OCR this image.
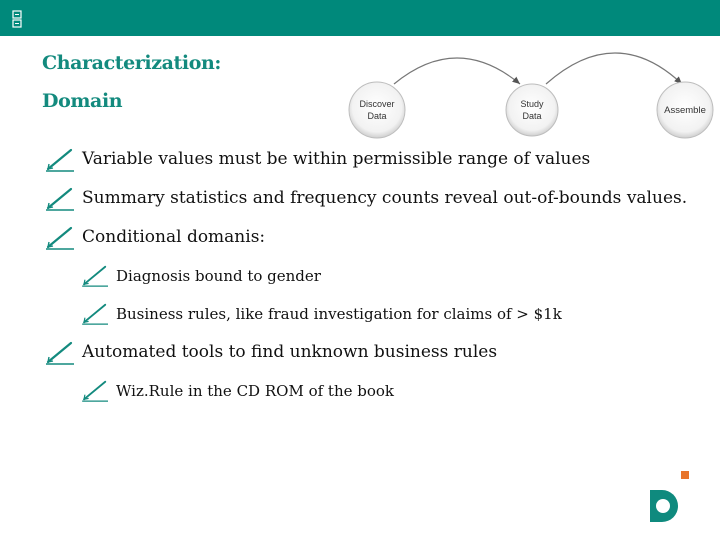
Characterization:
Domain	Discover
Data
Study
Data	Assemble
Variable values must be within permissible range of values
Summary statistics and frequency counts reveal out-of-bounds values.
Conditional domanis:
Diagnosis bound to gender
Business rules, like fraud investigation for claims of > $1k
Automated tools to find unknown business rules
Wiz.Rule in the CD ROM of the book
